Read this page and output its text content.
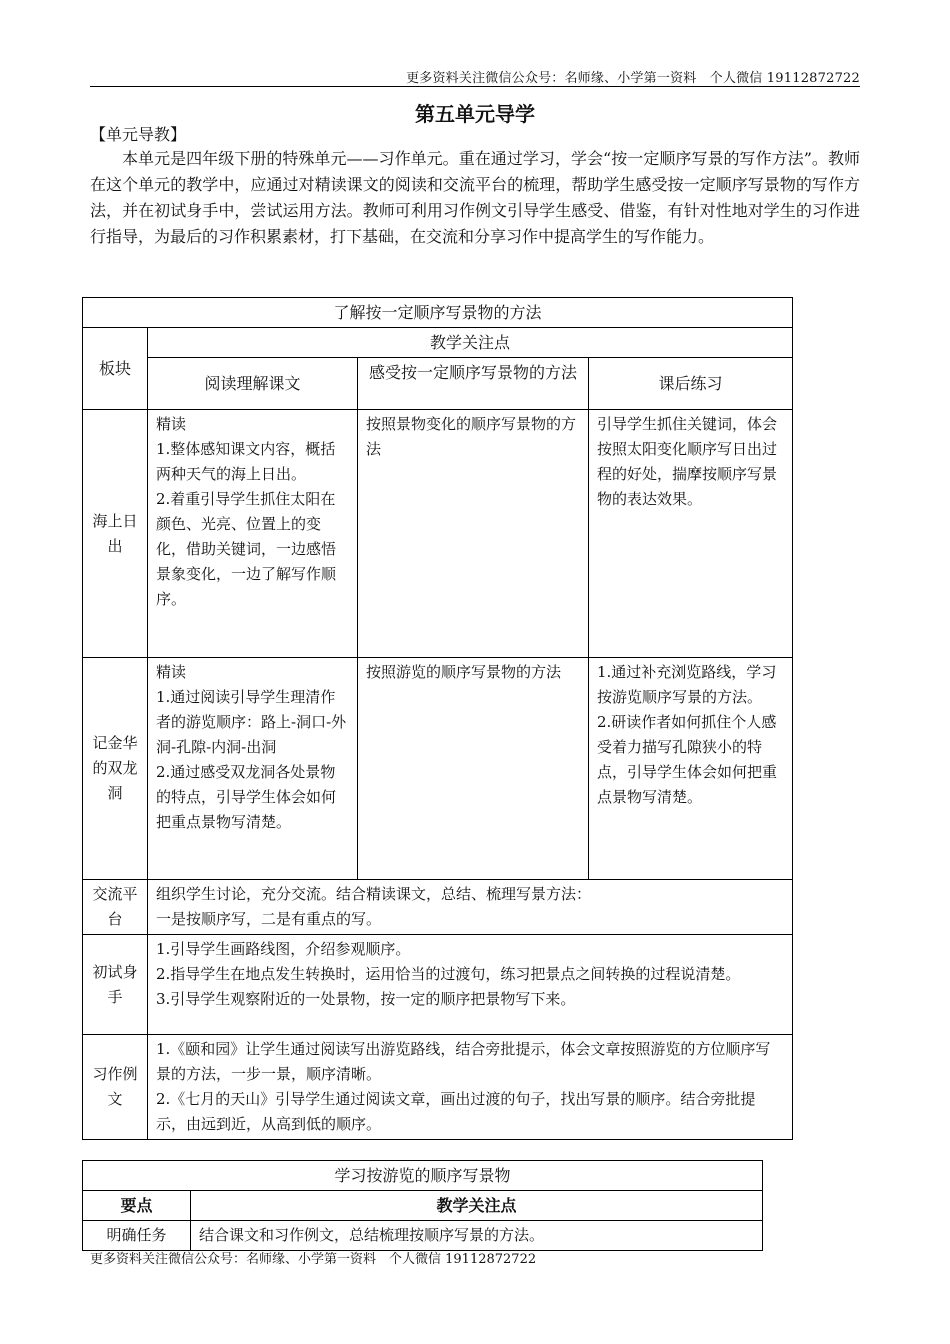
更多资料关注微信公众号：名师缘、小学第一资料　个人微信 19112872722
第五单元导学
【单元导教】
本单元是四年级下册的特殊单元——习作单元。重在通过学习，学会“按一定顺序写景的写作方法”。教师在这个单元的教学中，应通过对精读课文的阅读和交流平台的梳理，帮助学生感受按一定顺序写景物的写作方法，并在初试身手中，尝试运用方法。教师可利用习作例文引导学生感受、借鉴，有针对性地对学生的习作进行指导，为最后的习作积累素材，打下基础，在交流和分享习作中提高学生的写作能力。
了解按一定顺序写景物的方法			
板块	教学关注点		
	阅读理解课文	感受按一定顺序写景物的方法	课后练习
海上日出	精读
1.整体感知课文内容，概括两种天气的海上日出。
2.着重引导学生抓住太阳在颜色、光亮、位置上的变化，借助关键词，一边感悟景象变化，一边了解写作顺序。	按照景物变化的顺序写景物的方法	引导学生抓住关键词，体会按照太阳变化顺序写日出过程的好处，揣摩按顺序写景物的表达效果。
记金华的双龙洞	精读
1.通过阅读引导学生理清作者的游览顺序：路上-洞口-外洞-孔隙-内洞-出洞
2.通过感受双龙洞各处景物的特点，引导学生体会如何把重点景物写清楚。	按照游览的顺序写景物的方法	1.通过补充浏览路线，学习按游览顺序写景的方法。
2.研读作者如何抓住个人感受着力描写孔隙狭小的特点，引导学生体会如何把重点景物写清楚。
交流平台	组织学生讨论，充分交流。结合精读课文，总结、梳理写景方法：
一是按顺序写，二是有重点的写。		
初试身手	1.引导学生画路线图，介绍参观顺序。
2.指导学生在地点发生转换时，运用恰当的过渡句，练习把景点之间转换的过程说清楚。
3.引导学生观察附近的一处景物，按一定的顺序把景物写下来。		
习作例文	1.《颐和园》让学生通过阅读写出游览路线，结合旁批提示，体会文章按照游览的方位顺序写景的方法，一步一景，顺序清晰。
2.《七月的天山》引导学生通过阅读文章，画出过渡的句子，找出写景的顺序。结合旁批提示，由远到近，从高到低的顺序。		
学习按游览的顺序写景物	
要点	教学关注点
明确任务	结合课文和习作例文，总结梳理按顺序写景的方法。
更多资料关注微信公众号：名师缘、小学第一资料　个人微信 19112872722
